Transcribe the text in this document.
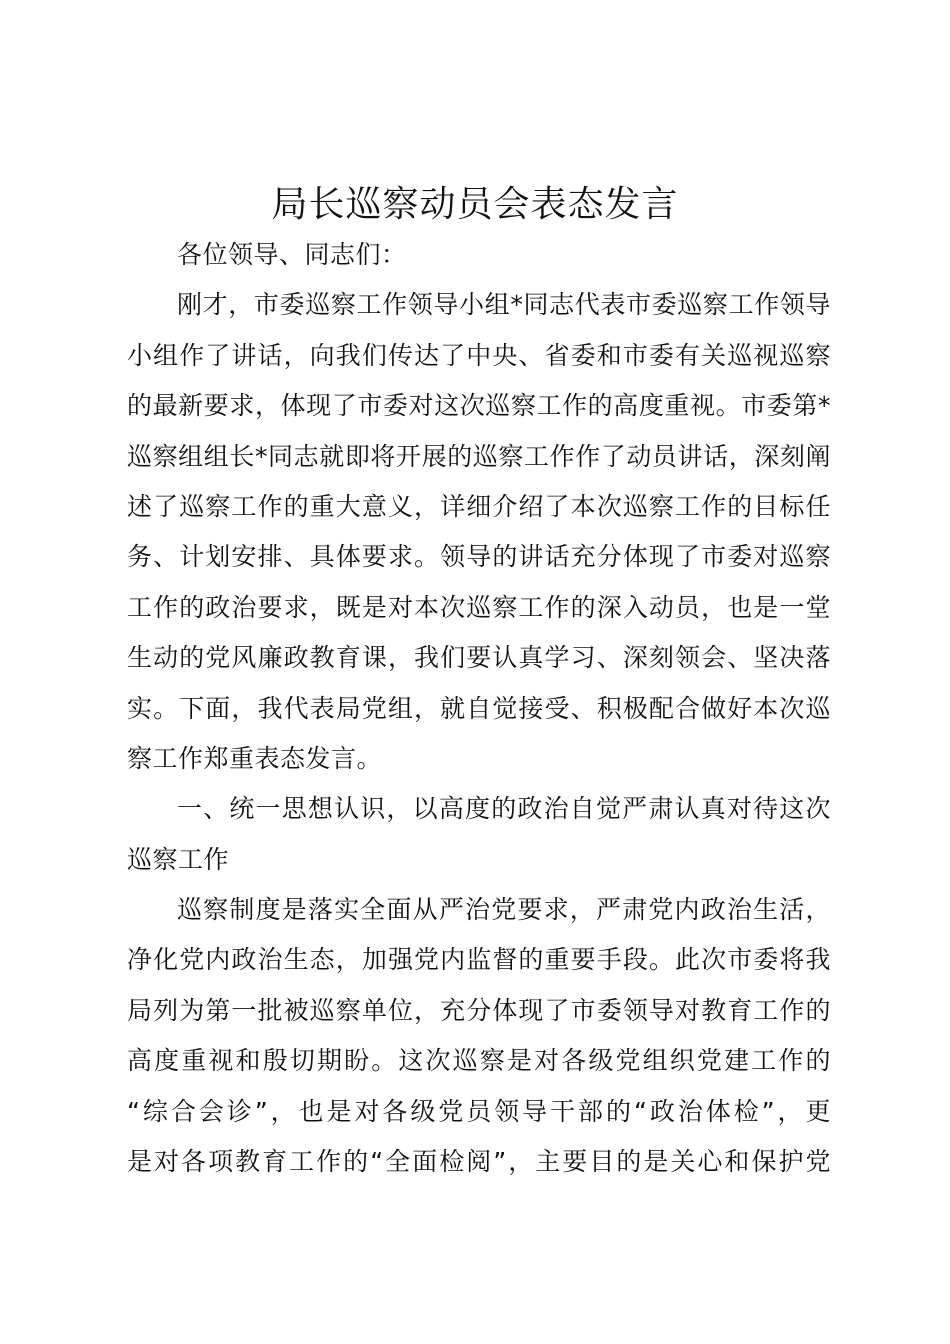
局长巡察动员会表态发言

各位领导、同志们：

刚才，市委巡察工作领导小组*同志代表市委巡察工作领导

小组作了讲话，向我们传达了中央、省委和市委有关巡视巡察

的最新要求，体现了市委对这次巡察工作的高度重视。市委第*

巡察组组长*同志就即将开展的巡察工作作了动员讲话，深刻阐

述了巡察工作的重大意义，详细介绍了本次巡察工作的目标任

务、计划安排、具体要求。领导的讲话充分体现了市委对巡察

工作的政治要求，既是对本次巡察工作的深入动员，也是一堂

生动的党风廉政教育课，我们要认真学习、深刻领会、坚决落

实。下面，我代表局党组，就自觉接受、积极配合做好本次巡

察工作郑重表态发言。

一、统一思想认识，以高度的政治自觉严肃认真对待这次

巡察工作

巡察制度是落实全面从严治党要求，严肃党内政治生活，

净化党内政治生态，加强党内监督的重要手段。此次市委将我

局列为第一批被巡察单位，充分体现了市委领导对教育工作的

高度重视和殷切期盼。这次巡察是对各级党组织党建工作的

“综合会诊”，也是对各级党员领导干部的“政治体检”，更

是对各项教育工作的“全面检阅”，主要目的是关心和保护党
